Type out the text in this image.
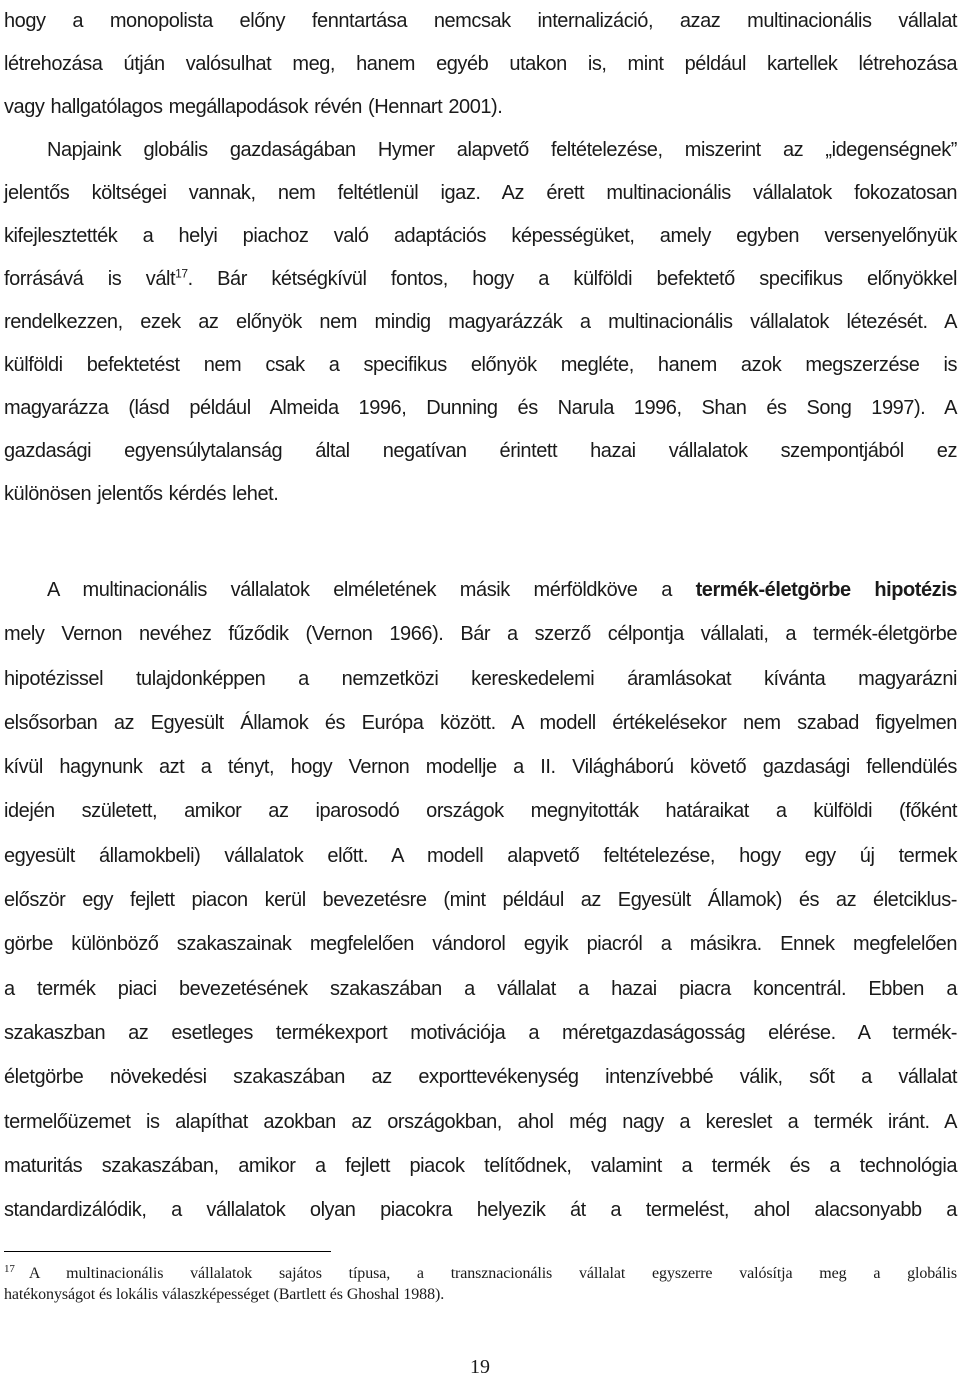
hogy a monopolista előny fenntartása nemcsak internalizáció, azaz multinacionális vállalat
létrehozása útján valósulhat meg, hanem egyéb utakon is, mint például kartellek létrehozása
vagy hallgatólagos megállapodások révén (Hennart 2001).
Napjaink globális gazdaságában Hymer alapvető feltételezése, miszerint az „idegenségnek”
jelentős költségei vannak, nem feltétlenül igaz. Az érett multinacionális vállalatok fokozatosan
kifejlesztették a helyi piachoz való adaptációs képességüket, amely egyben versenyelőnyük
forrásává is vált$^{17}$. Bár kétségkívül fontos, hogy a külföldi befektető specifikus előnyökkel
rendelkezzen, ezek az előnyök nem mindig magyarázzák a multinacionális vállalatok létezését. A
külföldi befektetést nem csak a specifikus előnyök megléte, hanem azok megszerzése is
magyarázza (lásd például Almeida 1996, Dunning és Narula 1996, Shan és Song 1997). A
gazdasági egyensúlytalanság által negatívan érintett hazai vállalatok szempontjából ez
különösen jelentős kérdés lehet.
A multinacionális vállalatok elméletének másik mérföldköve a termék-életgörbe hipotézis
mely Vernon nevéhez fűződik (Vernon 1966). Bár a szerző célpontja vállalati, a termék-életgörbe
hipotézissel tulajdonképpen a nemzetközi kereskedelemi áramlásokat kívánta magyarázni
elsősorban az Egyesült Államok és Európa között. A modell értékelésekor nem szabad figyelmen
kívül hagynunk azt a tényt, hogy Vernon modellje a II. Világháború követő gazdasági fellendülés
idején született, amikor az iparosodó országok megnyitották határaikat a külföldi (főként
egyesült államokbeli) vállalatok előtt. A modell alapvető feltételezése, hogy egy új termek
először egy fejlett piacon kerül bevezetésre (mint például az Egyesült Államok) és az életciklus-
görbe különböző szakaszainak megfelelően vándorol egyik piacról a másikra. Ennek megfelelően
a termék piaci bevezetésének szakaszában a vállalat a hazai piacra koncentrál. Ebben a
szakaszban az esetleges termékexport motivációja a méretgazdaságosság elérése. A termék-
életgörbe növekedési szakaszában az exporttevékenység intenzívebbé válik, sőt a vállalat
termelőüzemet is alapíthat azokban az országokban, ahol még nagy a kereslet a termék iránt. A
maturitás szakaszában, amikor a fejlett piacok telítődnek, valamint a termék és a technológia
standardizálódik, a vállalatok olyan piacokra helyezik át a termelést, ahol alacsonyabb a
$^{17}$ A multinacionális vállalatok sajátos típusa, a transznacionális vállalat egyszerre valósítja meg a globális
hatékonyságot és lokális válaszképességet (Bartlett és Ghoshal 1988).
19
